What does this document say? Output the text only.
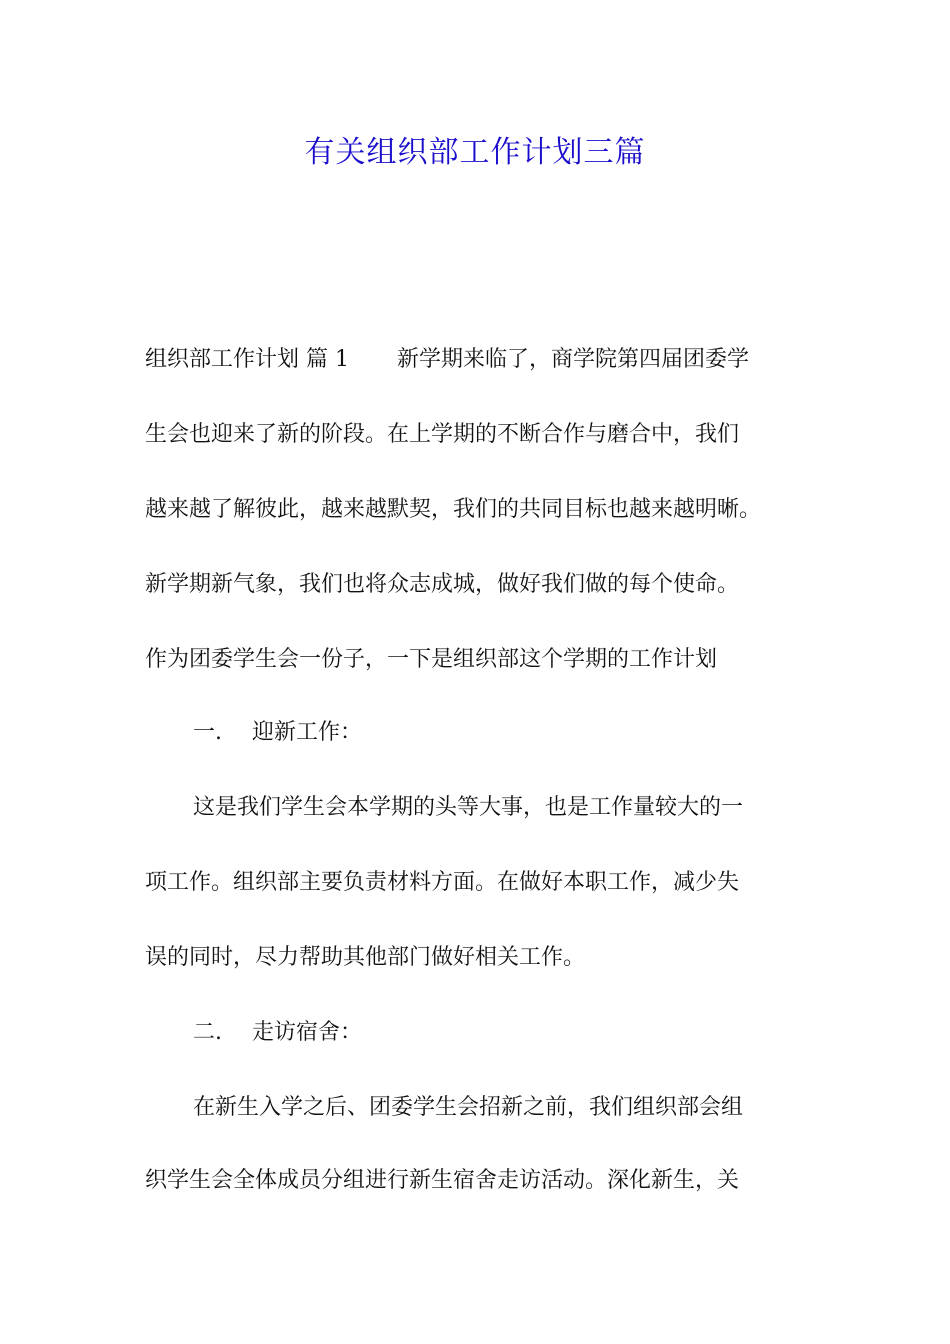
有关组织部工作计划三篇

组织部工作计划 篇 1 新学期来临了，商学院第四届团委学

生会也迎来了新的阶段。在上学期的不断合作与磨合中，我们

越来越了解彼此，越来越默契，我们的共同目标也越来越明晰。

新学期新气象，我们也将众志成城，做好我们做的每个使命。

作为团委学生会一份子，一下是组织部这个学期的工作计划

一. 迎新工作：

这是我们学生会本学期的头等大事，也是工作量较大的一

项工作。组织部主要负责材料方面。在做好本职工作，减少失

误的同时，尽力帮助其他部门做好相关工作。

二. 走访宿舍：

在新生入学之后、团委学生会招新之前，我们组织部会组

织学生会全体成员分组进行新生宿舍走访活动。深化新生，关
